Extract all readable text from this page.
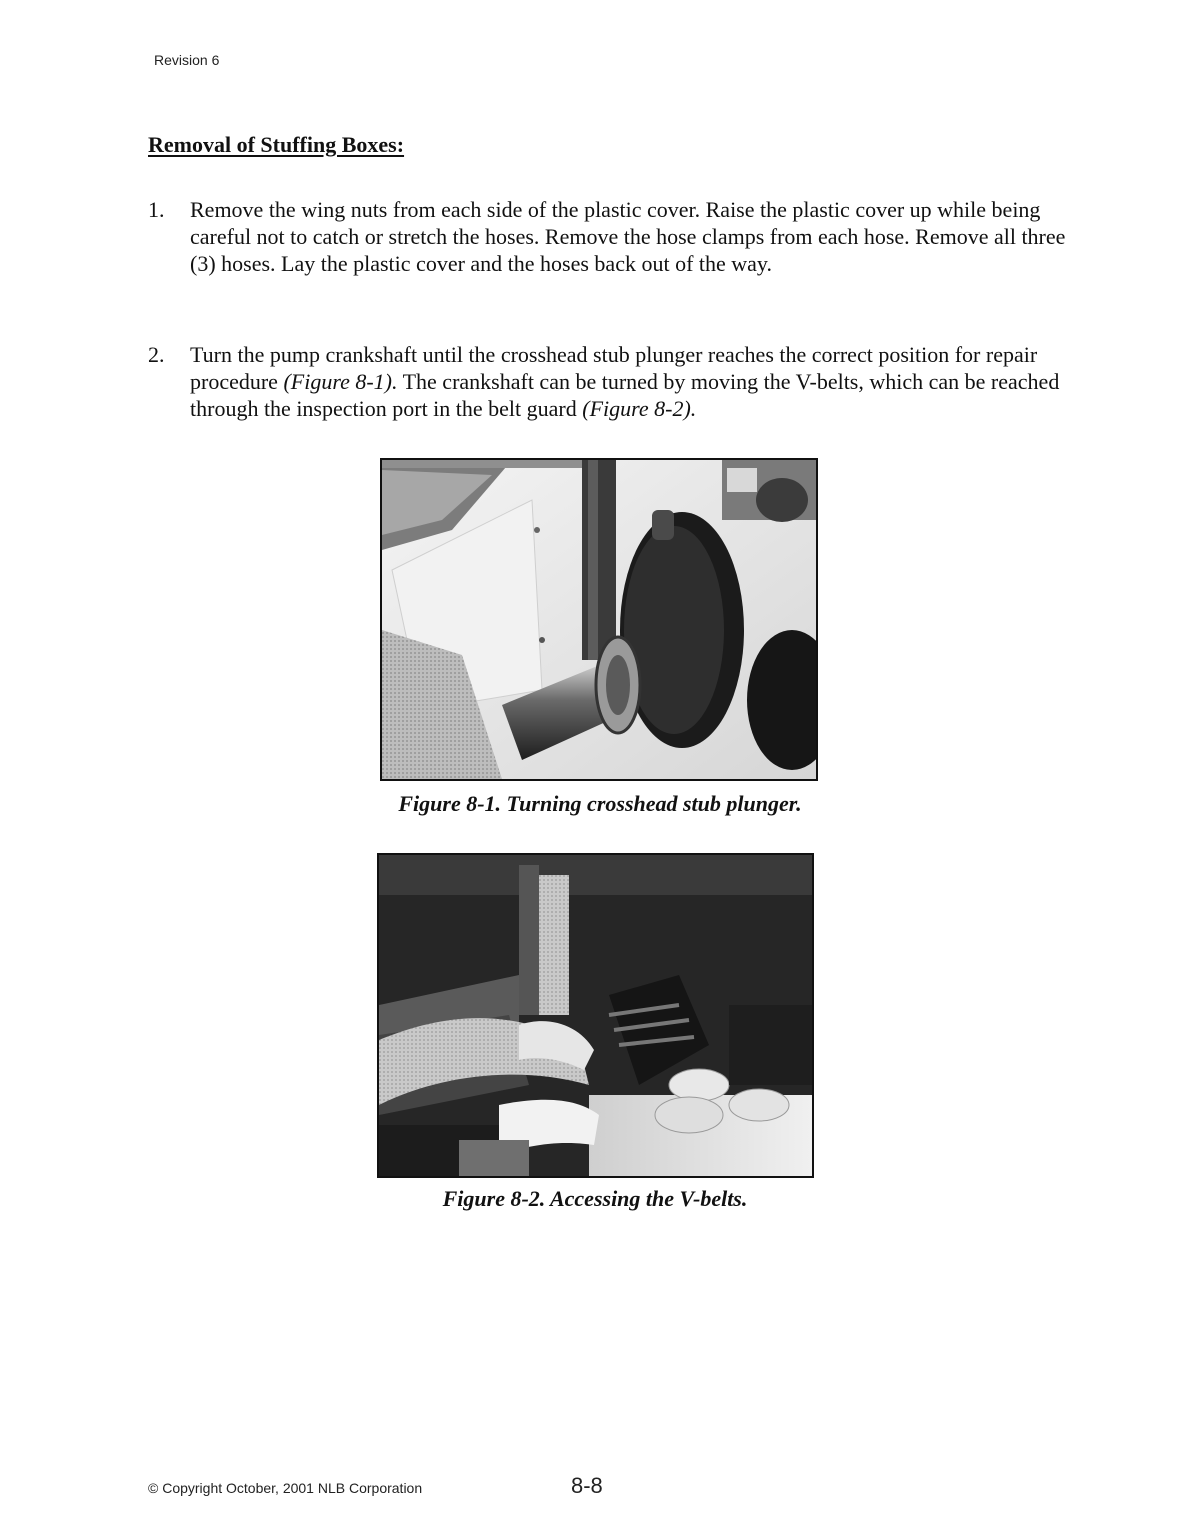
Revision 6
Removal of Stuffing Boxes:
1.	Remove the wing nuts from each side of the plastic cover. Raise the plastic cover up while being careful not to catch or stretch the hoses. Remove the hose clamps from each hose. Remove all three (3) hoses. Lay the plastic cover and the hoses back out of the way.
2.	Turn the pump crankshaft until the crosshead stub plunger reaches the correct position for repair procedure (Figure 8-1). The crankshaft can be turned by moving the V-belts, which can be reached through the inspection port in the belt guard (Figure 8-2).
Figure 8-1. Turning crosshead stub plunger.
Figure 8-2. Accessing the V-belts.
© Copyright October, 2001 NLB Corporation	8-8
